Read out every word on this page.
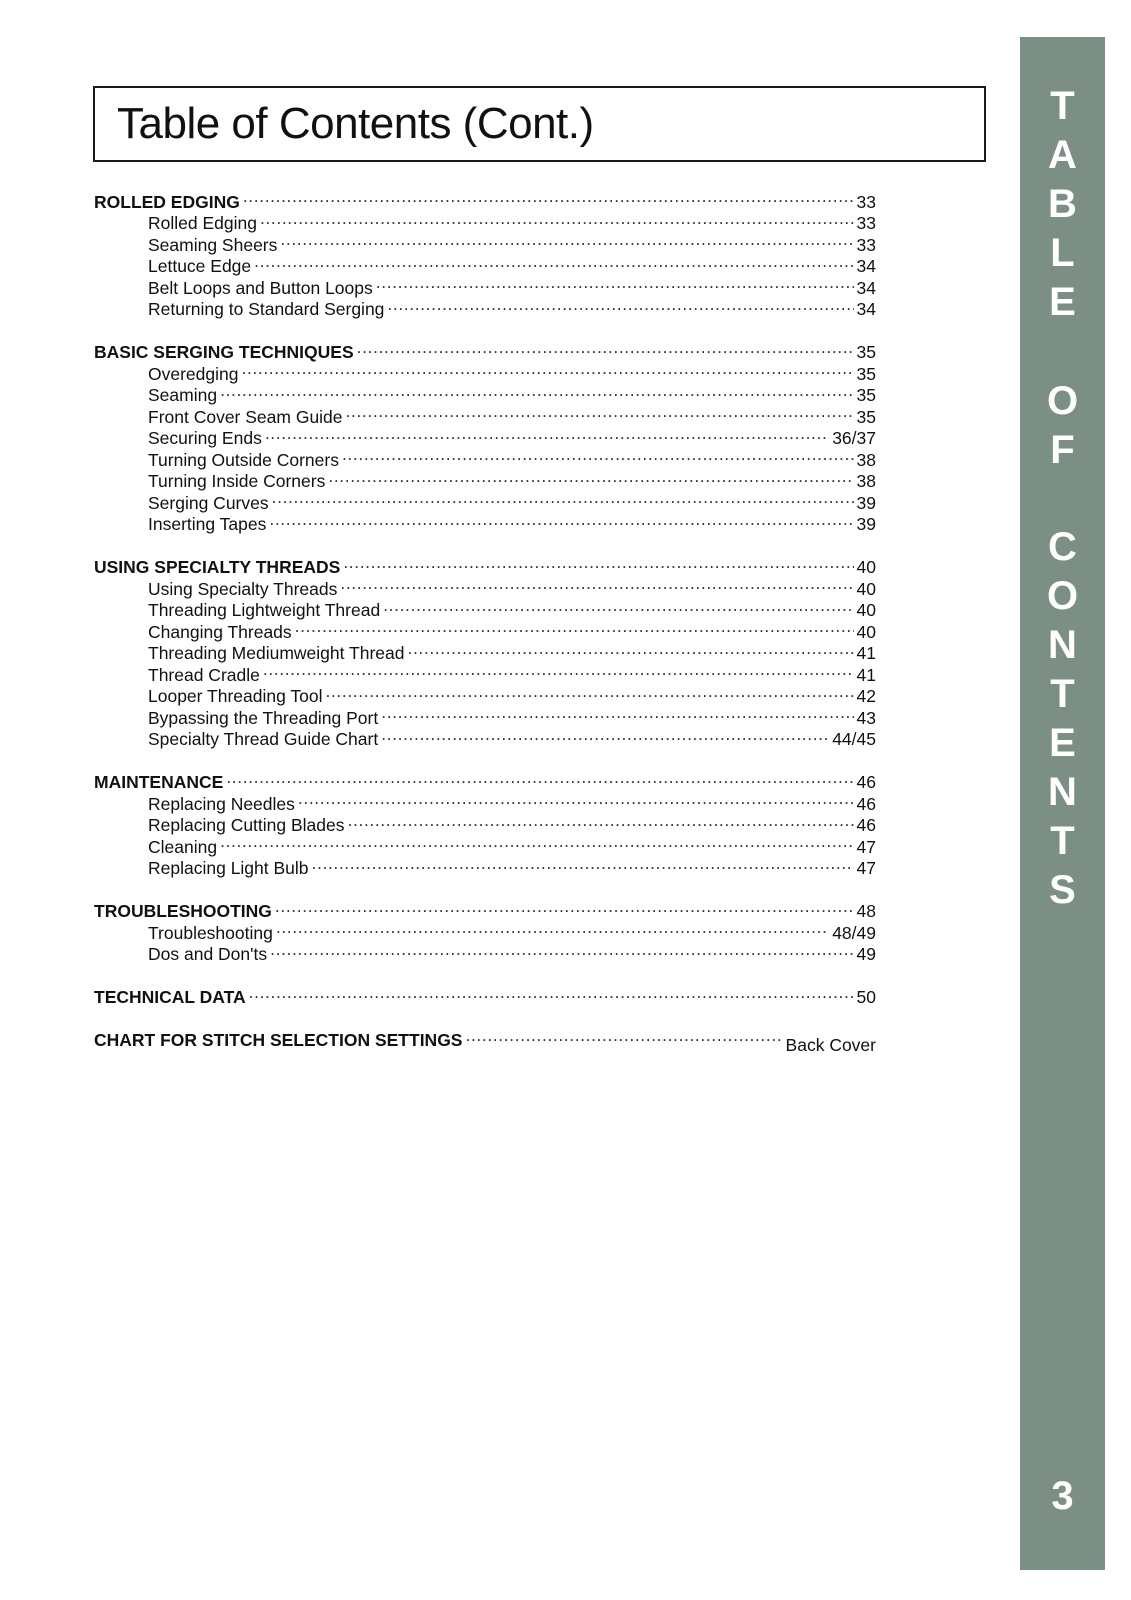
Table of Contents (Cont.)
ROLLED EDGING .....	33
Rolled Edging .....	33
Seaming Sheers .....	33
Lettuce Edge .....	34
Belt Loops and Button Loops .....	34
Returning to Standard Serging .....	34
BASIC SERGING TECHNIQUES .....	35
Overedging .....	35
Seaming .....	35
Front Cover Seam Guide .....	35
Securing Ends .....	36/37
Turning Outside Corners .....	38
Turning Inside Corners .....	38
Serging Curves .....	39
Inserting Tapes .....	39
USING SPECIALTY THREADS .....	40
Using Specialty Threads .....	40
Threading Lightweight Thread .....	40
Changing Threads .....	40
Threading Mediumweight Thread .....	41
Thread Cradle .....	41
Looper Threading Tool .....	42
Bypassing the Threading Port .....	43
Specialty Thread Guide Chart .....	44/45
MAINTENANCE .....	46
Replacing Needles .....	46
Replacing Cutting Blades .....	46
Cleaning .....	47
Replacing Light Bulb .....	47
TROUBLESHOOTING .....	48
Troubleshooting .....	48/49
Dos and Don'ts .....	49
TECHNICAL DATA .....	50
CHART FOR STITCH SELECTION SETTINGS .....	Back Cover
T
A
B
L
E
O
F
C
O
N
T
E
N
T
S
3
